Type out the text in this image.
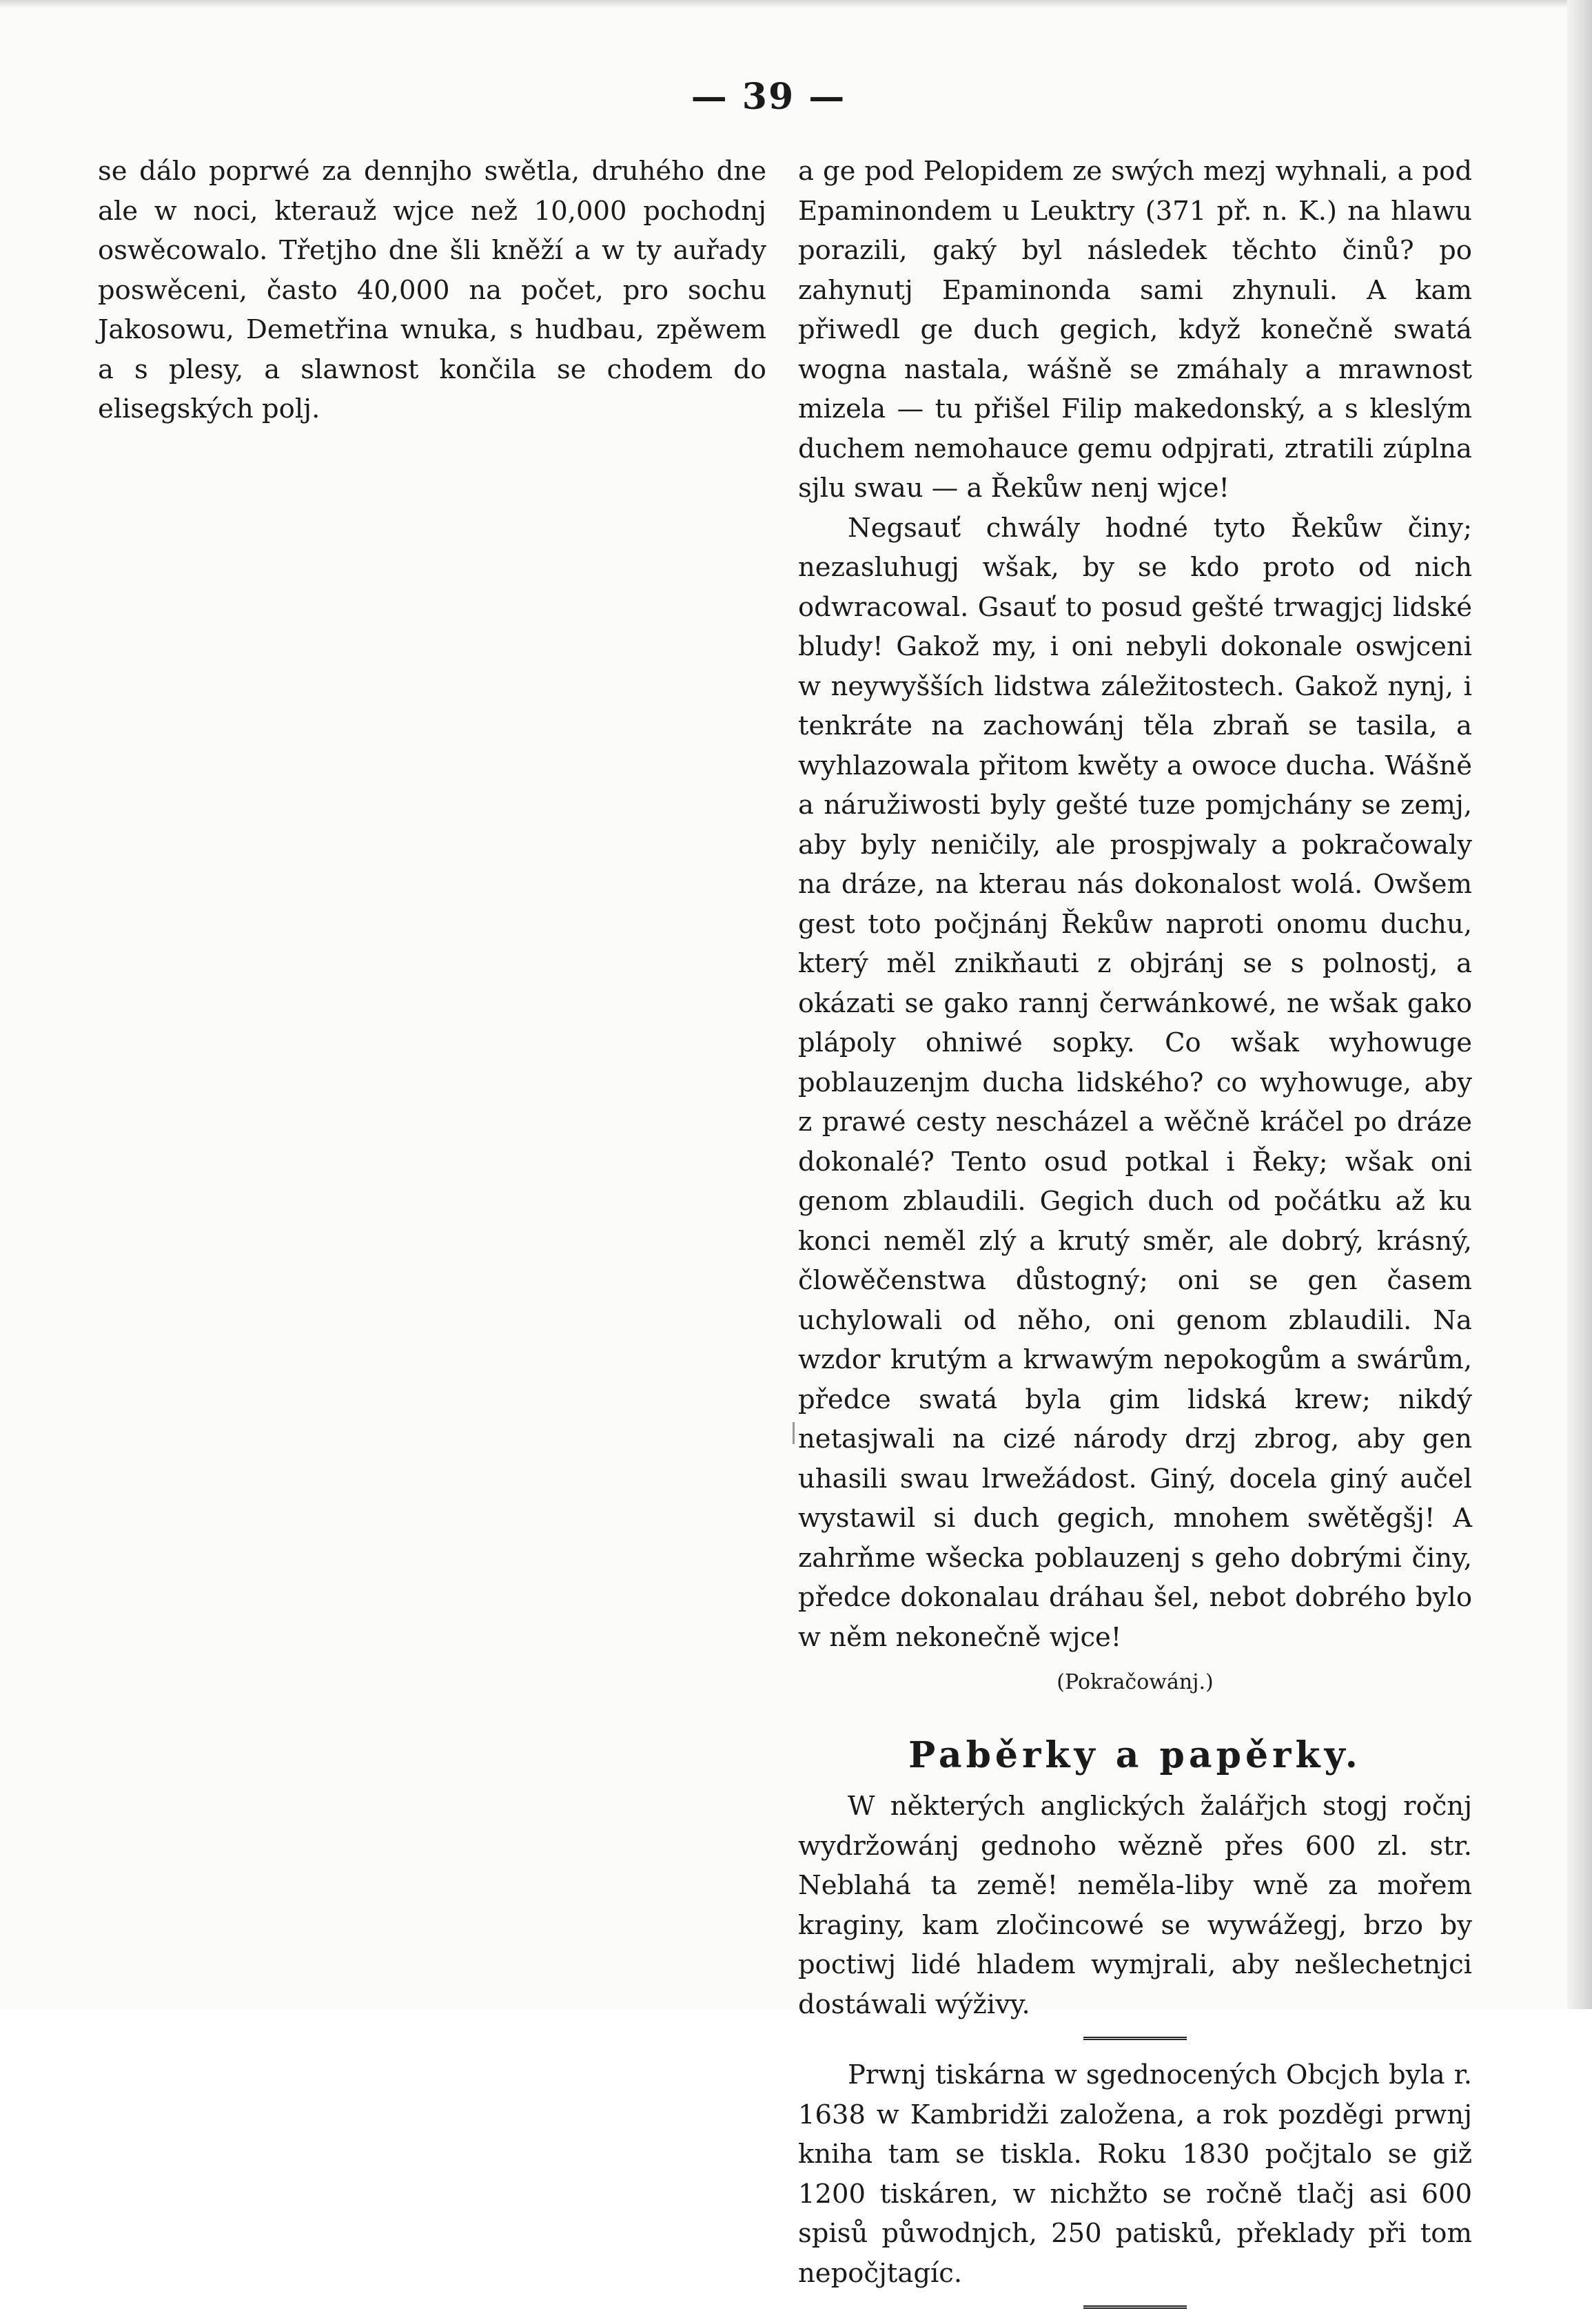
— 39 —

se dálo poprwé za dennjho swětla, druhého dne ale w noci, kterauž wjce než 10,000 pochodnj oswěcowalo. Třetjho dne šli kněží a w ty auřady poswěceni, často 40,000 na počet, pro sochu Jakosowu, Demetřina wnuka, s hudbau, zpěwem a s plesy, a slawnost končila se chodem do elisegských polj.

a ge pod Pelopidem ze swých mezj wyhnali, a pod Epaminondem u Leuktry (371 př. n. K.) na hlawu porazili, gaký byl následek těchto činů? po zahynutj Epaminonda sami zhynuli. A kam přiwedl ge duch gegich, když konečně swatá wogna nastala, wášně se zmáhaly a mrawnost mizela — tu přišel Filip makedonský, a s kleslým duchem nemohauce gemu odpjrati, ztratili zúplna sjlu swau — a Řekůw nenj wjce!

Negsauť chwály hodné tyto Řekůw činy; nezasluhugj wšak, by se kdo proto od nich odwracowal. Gsauť to posud gešté trwagjcj lidské bludy! Gakož my, i oni nebyli dokonale oswjceni w neywyšších lidstwa záležitostech. Gakož nynj, i tenkráte na zachowánj těla zbraň se tasila, a wyhlazowala přitom kwěty a owoce ducha. Wášně a náružiwosti byly gešté tuze pomjchány se zemj, aby byly neničily, ale prospjwaly a pokračowaly na dráze, na kterau nás dokonalost wolá. Owšem gest toto počjnánj Řekůw naproti onomu duchu, který měl znikňauti z objránj se s polnostj, a okázati se gako rannj čerwánkowé, ne wšak gako plápoly ohniwé sopky. Co wšak wyhowuge poblauzenjm ducha lidského? co wyhowuge, aby z prawé cesty nescházel a wěčně kráčel po dráze dokonalé? Tento osud potkal i Řeky; wšak oni genom zblaudili. Gegich duch od počátku až ku konci neměl zlý a krutý směr, ale dobrý, krásný, člowěčenstwa důstogný; oni se gen časem uchylowali od něho, oni genom zblaudili. Na wzdor krutým a krwawým nepokogům a swárům, předce swatá byla gim lidská krew; nikdý netasjwali na cizé národy drzj zbrog, aby gen uhasili swau lrwežádost. Giný, docela giný aučel wystawil si duch gegich, mnohem swětěgšj! A zahrňme wšecka poblauzenj s geho dobrými činy, předce dokonalau dráhau šel, nebot dobrého bylo w něm nekonečně wjce!

(Pokračowánj.)
Paběrky a papěrky.

W některých anglických žalářjch stogj ročnj wydržowánj gednoho wězně přes 600 zl. str. Neblahá ta země! neměla-liby wně za mořem kraginy, kam zločincowé se wywážegj, brzo by poctiwj lidé hladem wymjrali, aby nešlechetnjci dostáwali wýživy.

Prwnj tiskárna w sgednocených Obcjch byla r. 1638 w Kambridži založena, a rok pozděgi prwnj kniha tam se tiskla. Roku 1830 počjtalo se giž 1200 tiskáren, w nichžto se ročně tlačj asi 600 spisů půwodnjch, 250 patisků, překlady při tom nepočjtagíc.
